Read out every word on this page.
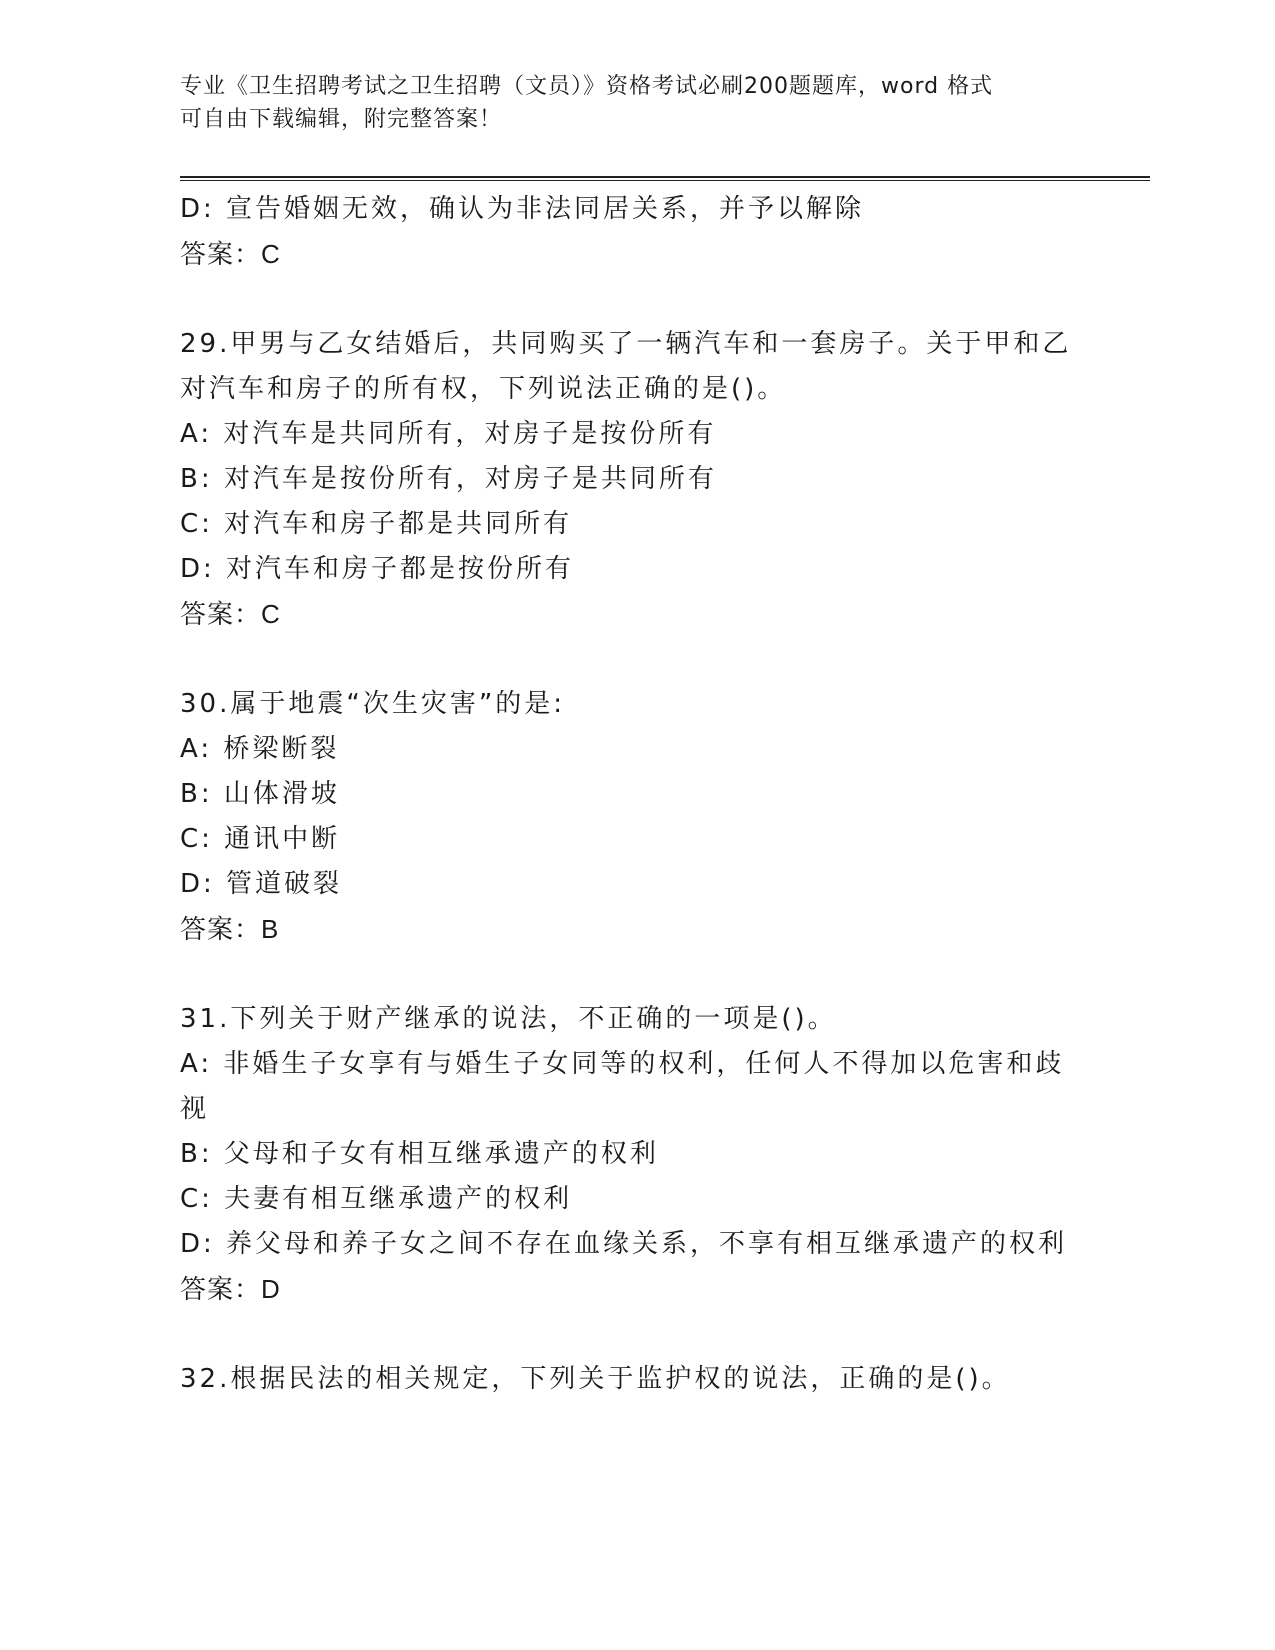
专业《卫生招聘考试之卫生招聘（文员）》资格考试必刷200题题库，word 格式
可自由下载编辑，附完整答案！
D: 宣告婚姻无效，确认为非法同居关系，并予以解除
答案：C
29.甲男与乙女结婚后，共同购买了一辆汽车和一套房子。关于甲和乙
对汽车和房子的所有权，下列说法正确的是()。
A: 对汽车是共同所有，对房子是按份所有
B: 对汽车是按份所有，对房子是共同所有
C: 对汽车和房子都是共同所有
D: 对汽车和房子都是按份所有
答案：C
30.属于地震“次生灾害”的是:
A: 桥梁断裂
B: 山体滑坡
C: 通讯中断
D: 管道破裂
答案：B
31.下列关于财产继承的说法，不正确的一项是()。
A: 非婚生子女享有与婚生子女同等的权利，任何人不得加以危害和歧
视
B: 父母和子女有相互继承遗产的权利
C: 夫妻有相互继承遗产的权利
D: 养父母和养子女之间不存在血缘关系，不享有相互继承遗产的权利
答案：D
32.根据民法的相关规定，下列关于监护权的说法，正确的是()。
